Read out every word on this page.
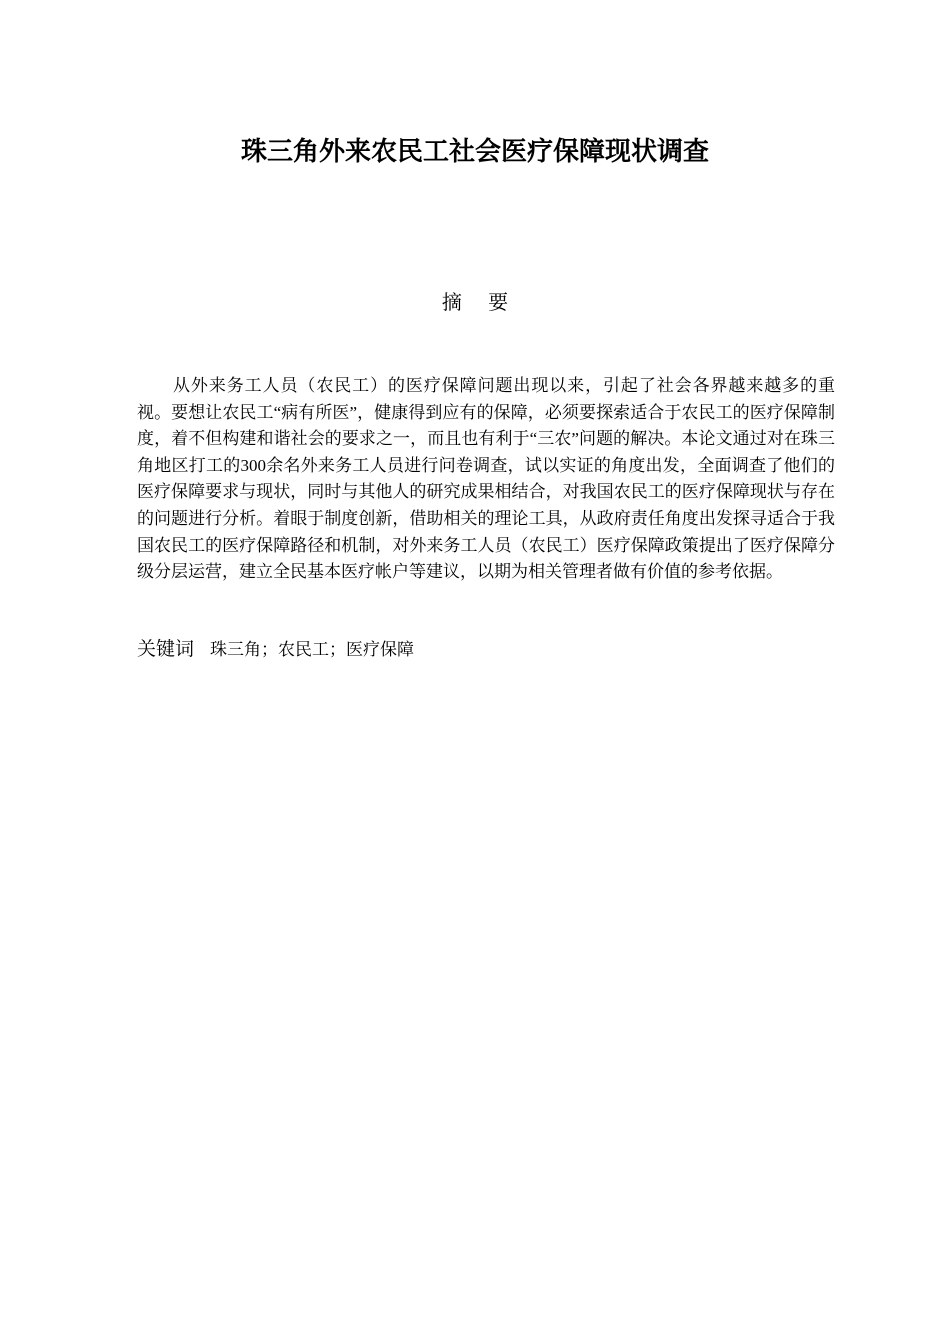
珠三角外来农民工社会医疗保障现状调查
摘 要

从外来务工人员（农民工）的医疗保障问题出现以来，引起了社会各界越来越多的重视。要想让农民工“病有所医”，健康得到应有的保障，必须要探索适合于农民工的医疗保障制度，着不但构建和谐社会的要求之一，而且也有利于“三农”问题的解决。本论文通过对在珠三角地区打工的300余名外来务工人员进行问卷调查，试以实证的角度出发，全面调查了他们的医疗保障要求与现状，同时与其他人的研究成果相结合，对我国农民工的医疗保障现状与存在的问题进行分析。着眼于制度创新，借助相关的理论工具，从政府责任角度出发探寻适合于我国农民工的医疗保障路径和机制，对外来务工人员（农民工）医疗保障政策提出了医疗保障分级分层运营，建立全民基本医疗帐户等建议，以期为相关管理者做有价值的参考依据。

关键词 珠三角；农民工；医疗保障
